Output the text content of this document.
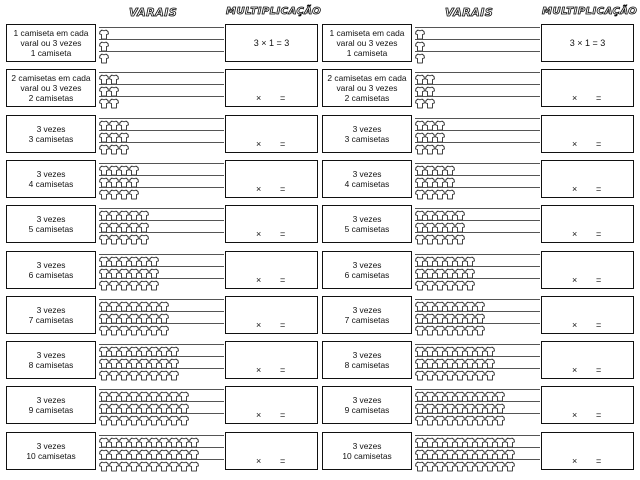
VARAIS	MULTIPLICAÇÃO
1 camiseta em cada
varal ou 3 vezes
1 camiseta
3 × 1 = 3
2 camisetas em cada
varal ou 3 vezes
2 camisetas	× =
3 vezes
3 camisetas	× =
3 vezes
4 camisetas	× =
3 vezes
5 camisetas	× =
3 vezes
6 camisetas	× =
3 vezes
7 camisetas	× =
3 vezes
8 camisetas	× =
3 vezes
9 camisetas	× =
3 vezes
10 camisetas	× =
VARAIS	MULTIPLICAÇÃO
1 camiseta em cada
varal ou 3 vezes
1 camiseta
3 × 1 = 3
2 camisetas em cada
varal ou 3 vezes
2 camisetas	× =
3 vezes
3 camisetas	× =
3 vezes
4 camisetas	× =
3 vezes
5 camisetas	× =
3 vezes
6 camisetas	× =
3 vezes
7 camisetas	× =
3 vezes
8 camisetas	× =
3 vezes
9 camisetas	× =
3 vezes
10 camisetas	× =
